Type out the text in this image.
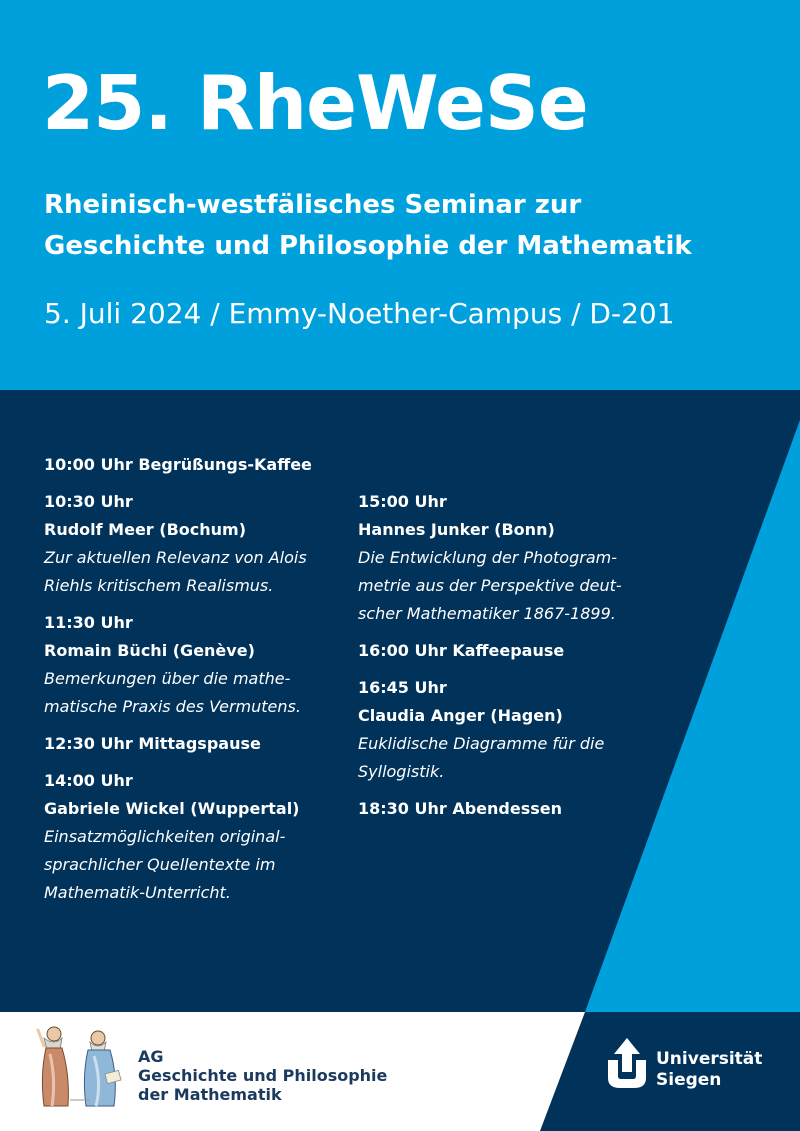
25. RheWeSe
Rheinisch-westfälisches Seminar zur
Geschichte und Philosophie der Mathematik
5. Juli 2024 / Emmy-Noether-Campus / D-201
10:00 Uhr Begrüßungs-Kaffee
10:30 Uhr
Rudolf Meer (Bochum)
Zur aktuellen Relevanz von Alois
Riehls kritischem Realismus.
11:30 Uhr
Romain Büchi (Genève)
Bemerkungen über die mathe-
matische Praxis des Vermutens.
12:30 Uhr Mittagspause
14:00 Uhr
Gabriele Wickel (Wuppertal)
Einsatzmöglichkeiten original-
sprachlicher Quellentexte im
Mathematik-Unterricht.
15:00 Uhr
Hannes Junker (Bonn)
Die Entwicklung der Photogram-
metrie aus der Perspektive deut-
scher Mathematiker 1867-1899.
16:00 Uhr Kaffeepause
16:45 Uhr
Claudia Anger (Hagen)
Euklidische Diagramme für die
Syllogistik.
18:30 Uhr Abendessen
AG
Geschichte und Philosophie
der Mathematik
Universität
Siegen
